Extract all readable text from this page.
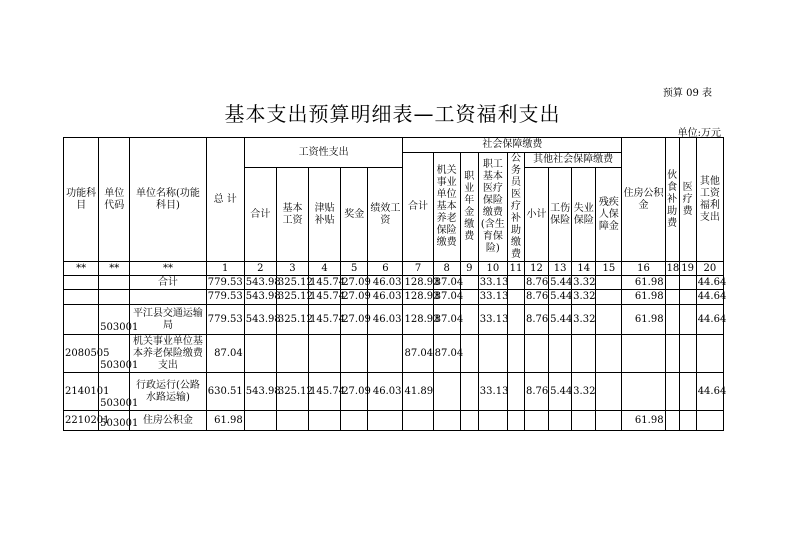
预算 09 表
基本支出预算明细表—工资福利支出
单位:万元
功能科目	单位代码	单位名称(功能科目)	总 计	工资性支出					社会保障缴费									住房公积金	伙食补助费	医疗费	其他工资福利支出
									合计	机关事业单位基本养老保险缴费	职业年金缴费	职工基本医疗保险缴费(含生育保险)	公务员医疗补助缴费	其他社会保障缴费							
				合计	基本工资	津贴补贴	奖金	绩效工资						小计	工伤保险	失业保险	残疾人保障金				
**	**	**	1	2	3	4	5	6	7	8	9	10	11	12	13	14	15	16	18	19	20
		合计	779.53	543.98	325.12	145.74	27.09	46.03	128.93	87.04		33.13		8.76	5.44	3.32		61.98			44.64
			779.53	543.98	325.12	145.74	27.09	46.03	128.93	87.04		33.13		8.76	5.44	3.32		61.98			44.64
	503001	平江县交通运输局	779.53	543.98	325.12	145.74	27.09	46.03	128.93	87.04		33.13		8.76	5.44	3.32		61.98			44.64
2080505	503001	机关事业单位基本养老保险缴费支出	87.04						87.04	87.04											
2140101	503001	行政运行(公路水路运输)	630.51	543.98	325.12	145.74	27.09	46.03	41.89			33.13		8.76	5.44	3.32					44.64
2210201	503001	住房公积金	61.98															61.98			
